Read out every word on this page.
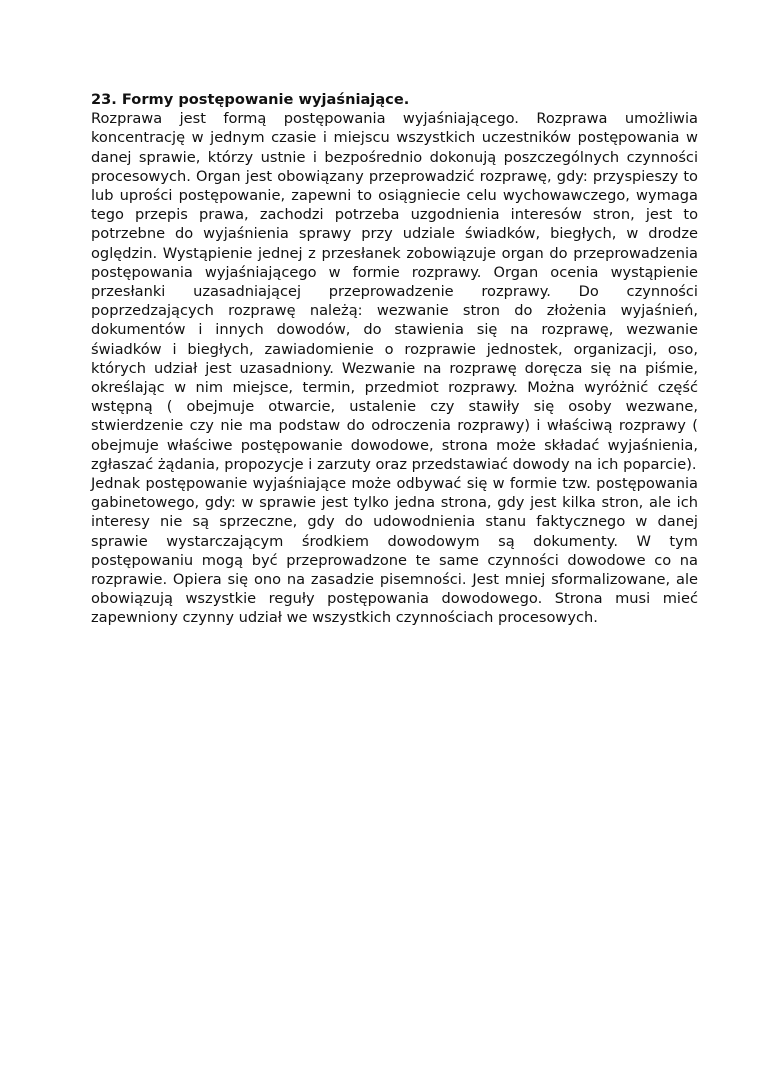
23. Formy postępowanie wyjaśniające.

Rozprawa jest formą postępowania wyjaśniającego. Rozprawa umożliwia koncentrację w jednym czasie i miejscu wszystkich uczestników postępowania w danej sprawie, którzy ustnie i bezpośrednio dokonują poszczególnych czynności procesowych. Organ jest obowiązany przeprowadzić rozprawę, gdy: przyspieszy to lub uprości postępowanie, zapewni to osiągniecie celu wychowawczego, wymaga tego przepis prawa, zachodzi potrzeba uzgodnienia interesów stron, jest to potrzebne do wyjaśnienia sprawy przy udziale świadków, biegłych, w drodze oględzin. Wystąpienie jednej z przesłanek zobowiązuje organ do przeprowadzenia postępowania wyjaśniającego w formie rozprawy. Organ ocenia wystąpienie przesłanki uzasadniającej przeprowadzenie rozprawy. Do czynności poprzedzających rozprawę należą: wezwanie stron do złożenia wyjaśnień, dokumentów i innych dowodów, do stawienia się na rozprawę, wezwanie świadków i biegłych, zawiadomienie o rozprawie jednostek, organizacji, oso, których udział jest uzasadniony. Wezwanie na rozprawę doręcza się na piśmie, określając w nim miejsce, termin, przedmiot rozprawy. Można wyróżnić część wstępną ( obejmuje otwarcie, ustalenie czy stawiły się osoby wezwane, stwierdzenie czy nie ma podstaw do odroczenia rozprawy) i właściwą rozprawy ( obejmuje właściwe postępowanie dowodowe, strona może składać wyjaśnienia, zgłaszać żądania, propozycje i zarzuty oraz przedstawiać dowody na ich poparcie).

Jednak postępowanie wyjaśniające może odbywać się w formie tzw. postępowania gabinetowego, gdy: w sprawie jest tylko jedna strona, gdy jest kilka stron, ale ich interesy nie są sprzeczne, gdy do udowodnienia stanu faktycznego w danej sprawie wystarczającym środkiem dowodowym są dokumenty. W tym postępowaniu mogą być przeprowadzone te same czynności dowodowe co na rozprawie. Opiera się ono na zasadzie pisemności. Jest mniej sformalizowane, ale obowiązują wszystkie reguły postępowania dowodowego. Strona musi mieć zapewniony czynny udział we wszystkich czynnościach procesowych.
